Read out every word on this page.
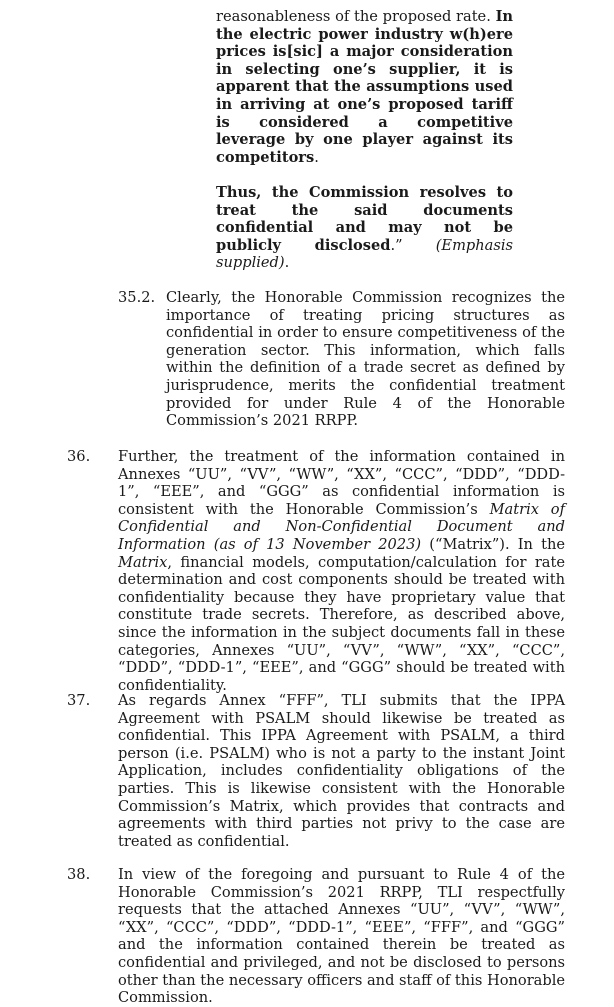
reasonableness of the proposed rate. In the electric power industry w(h)ere prices is[sic] a major consideration in selecting one’s supplier, it is apparent that the assumptions used in arriving at one’s proposed tariff is considered a competitive leverage by one player against its competitors.

Thus, the Commission resolves to treat the said documents confidential and may not be publicly disclosed.” (Emphasis supplied).

35.2. Clearly, the Honorable Commission recognizes the importance of treating pricing structures as confidential in order to ensure competitiveness of the generation sector. This information, which falls within the definition of a trade secret as defined by jurisprudence, merits the confidential treatment provided for under Rule 4 of the Honorable Commission’s 2021 RRPP.

36. Further, the treatment of the information contained in Annexes “UU”, “VV”, “WW”, “XX”, “CCC”, “DDD”, “DDD-1”, “EEE”, and “GGG” as confidential information is consistent with the Honorable Commission’s Matrix of Confidential and Non-Confidential Document and Information (as of 13 November 2023) (“Matrix”). In the Matrix, financial models, computation/calculation for rate determination and cost components should be treated with confidentiality because they have proprietary value that constitute trade secrets. Therefore, as described above, since the information in the subject documents fall in these categories, Annexes “UU”, “VV”, “WW”, “XX”, “CCC”, “DDD”, “DDD-1”, “EEE”, and “GGG” should be treated with confidentiality.

37. As regards Annex “FFF”, TLI submits that the IPPA Agreement with PSALM should likewise be treated as confidential. This IPPA Agreement with PSALM, a third person (i.e. PSALM) who is not a party to the instant Joint Application, includes confidentiality obligations of the parties. This is likewise consistent with the Honorable Commission’s Matrix, which provides that contracts and agreements with third parties not privy to the case are treated as confidential.

38. In view of the foregoing and pursuant to Rule 4 of the Honorable Commission’s 2021 RRPP, TLI respectfully requests that the attached Annexes “UU”, “VV”, “WW”, “XX”, “CCC”, “DDD”, “DDD-1”, “EEE”, “FFF”, and “GGG” and the information contained therein be treated as confidential and privileged, and not be disclosed to persons other than the necessary officers and staff of this Honorable Commission.
